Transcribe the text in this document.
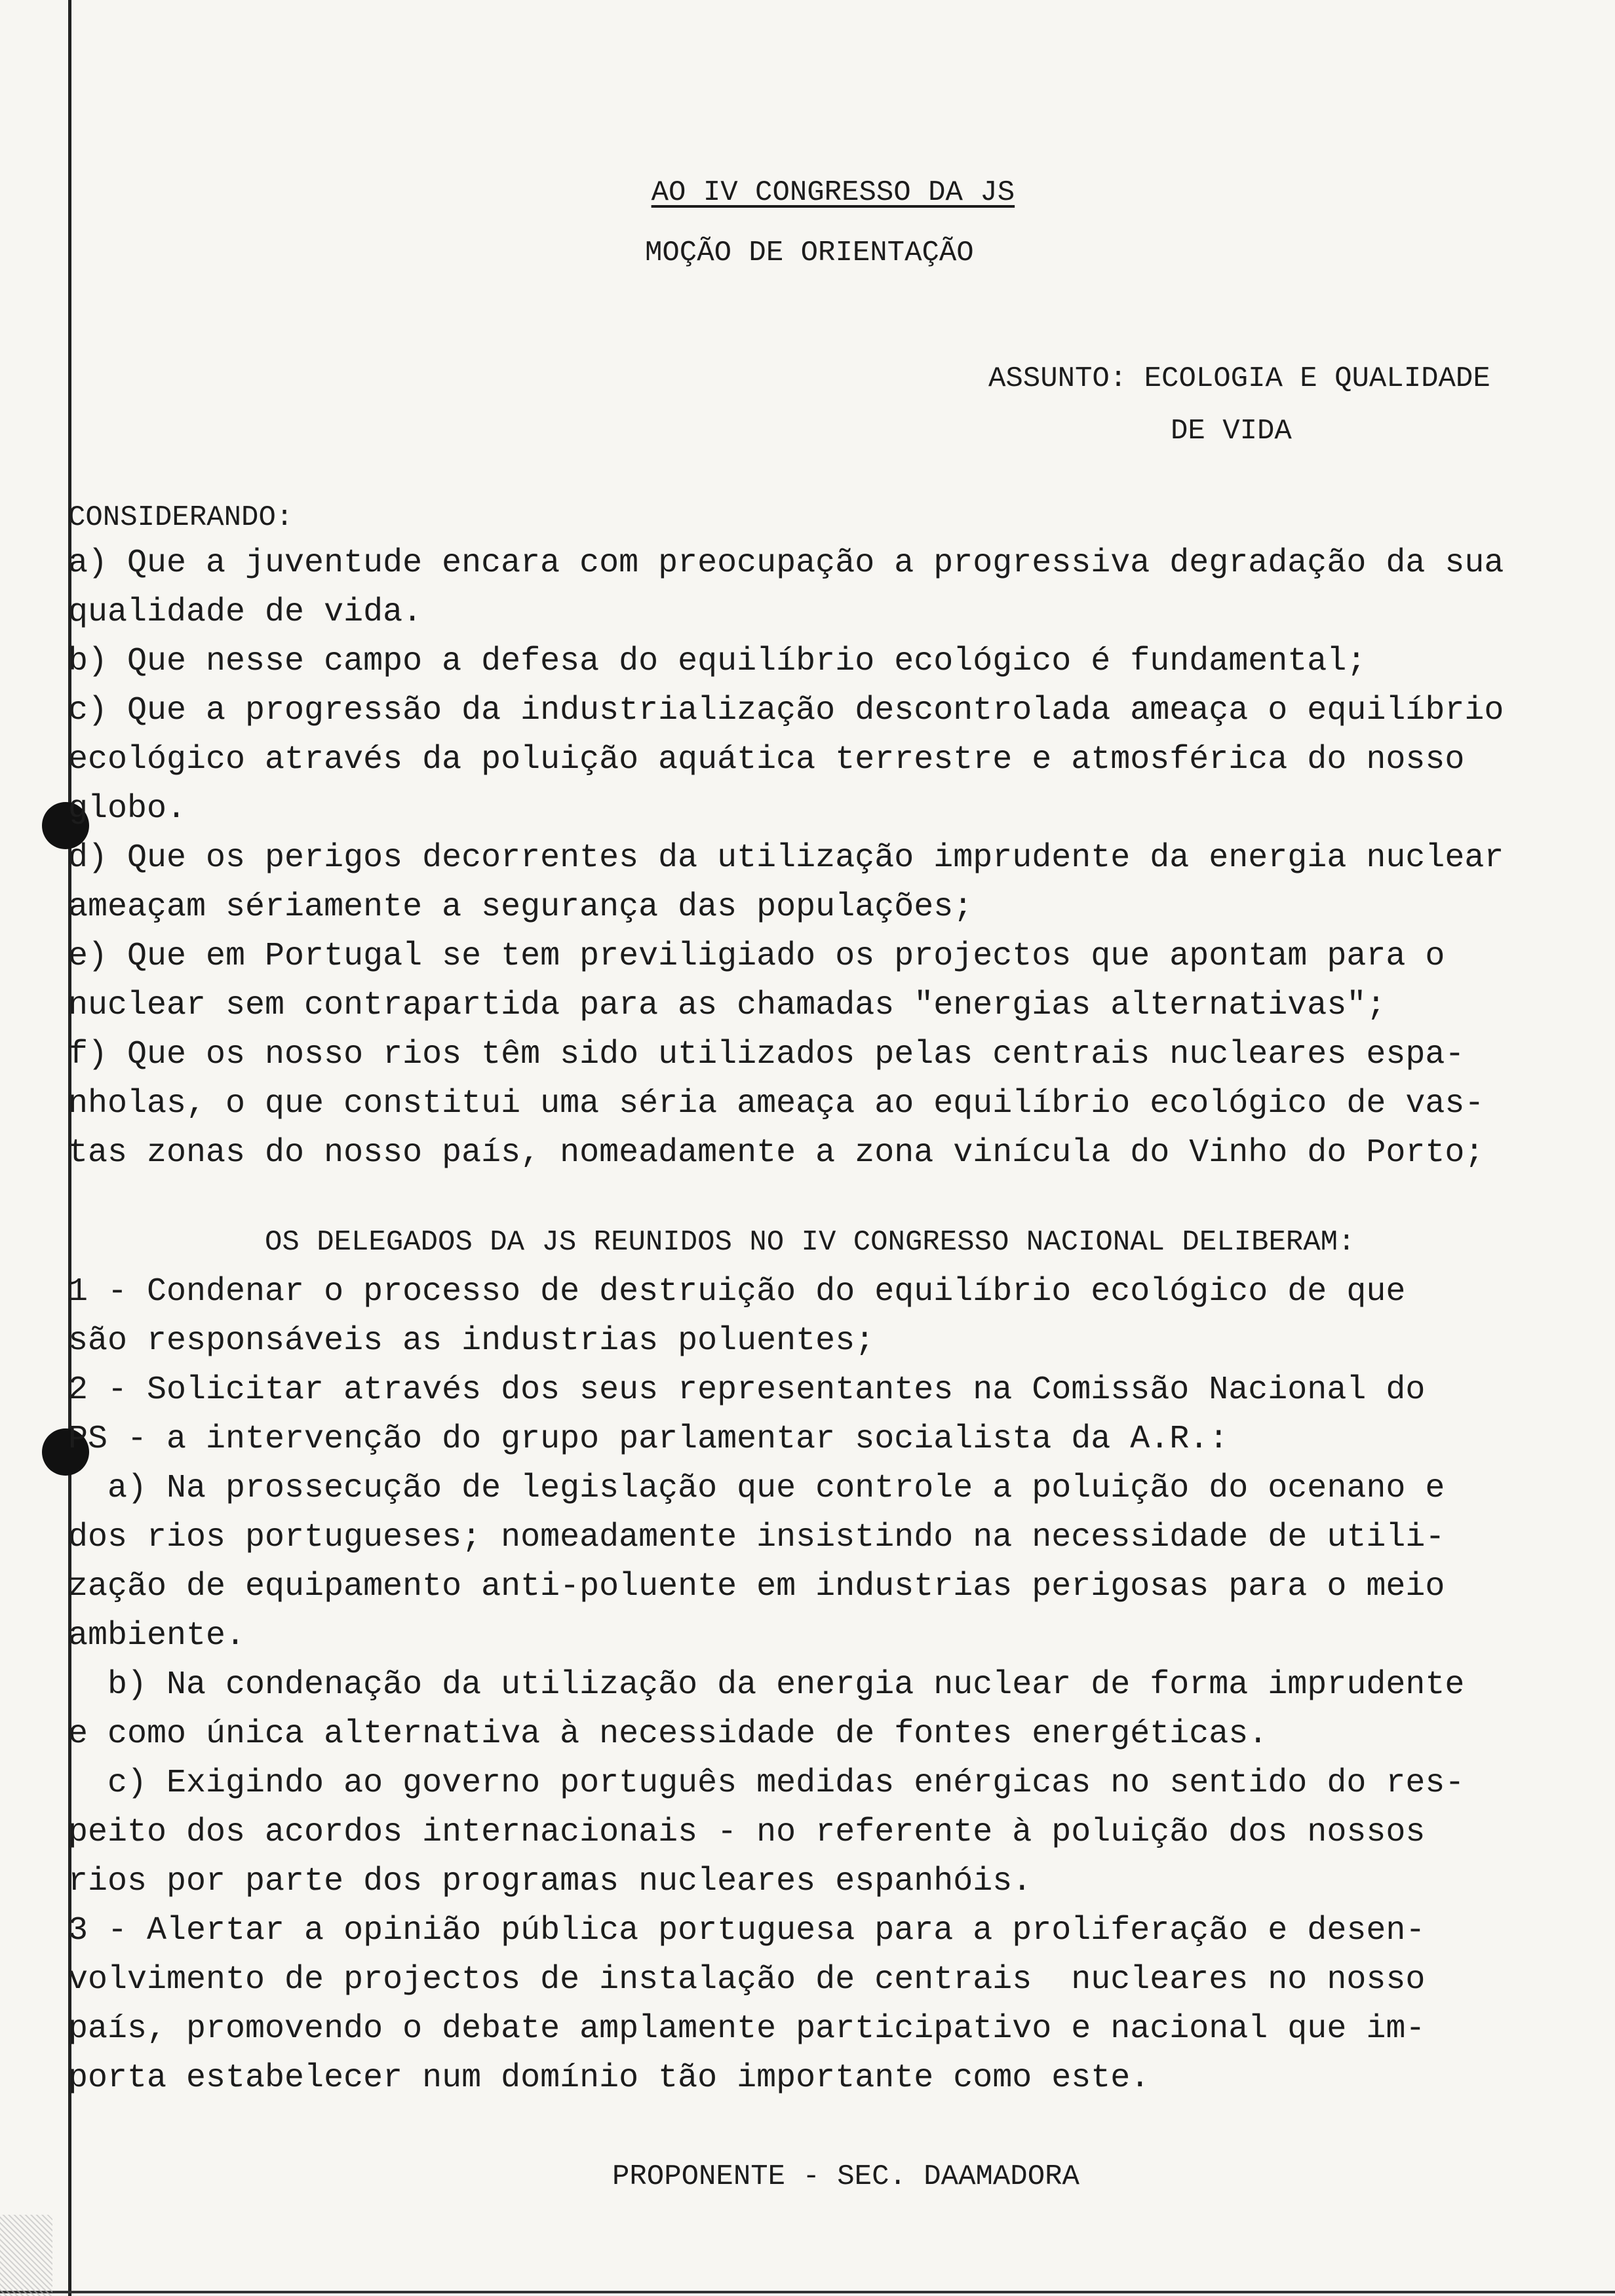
AO IV CONGRESSO DA JS

MOÇÃO DE ORIENTAÇÃO
ASSUNTO: ECOLOGIA E QUALIDADE
DE VIDA
CONSIDERANDO:
a) Que a juventude encara com preocupação a progressiva degradação da sua
qualidade de vida.
b) Que nesse campo a defesa do equilíbrio ecológico é fundamental;
c) Que a progressão da industrialização descontrolada ameaça o equilíbrio
ecológico através da poluição aquática terrestre e atmosférica do nosso
globo.
d) Que os perigos decorrentes da utilização imprudente da energia nuclear
ameaçam sériamente a segurança das populações;
e) Que em Portugal se tem previligiado os projectos que apontam para o
nuclear sem contrapartida para as chamadas "energias alternativas";
f) Que os nosso rios têm sido utilizados pelas centrais nucleares espa-
nholas, o que constitui uma séria ameaça ao equilíbrio ecológico de vas-
tas zonas do nosso país, nomeadamente a zona vinícula do Vinho do Porto;
OS DELEGADOS DA JS REUNIDOS NO IV CONGRESSO NACIONAL DELIBERAM:
1 - Condenar o processo de destruição do equilíbrio ecológico de que
são responsáveis as industrias poluentes;
2 - Solicitar através dos seus representantes na Comissão Nacional do
PS - a intervenção do grupo parlamentar socialista da A.R.:
a) Na prossecução de legislação que controle a poluição do ocenano e
dos rios portugueses; nomeadamente insistindo na necessidade de utili-
zação de equipamento anti-poluente em industrias perigosas para o meio
ambiente.
b) Na condenação da utilização da energia nuclear de forma imprudente
e como única alternativa à necessidade de fontes energéticas.
c) Exigindo ao governo português medidas enérgicas no sentido do res-
peito dos acordos internacionais - no referente à poluição dos nossos
rios por parte dos programas nucleares espanhóis.
3 - Alertar a opinião pública portuguesa para a proliferação e desen-
volvimento de projectos de instalação de centrais  nucleares no nosso
país, promovendo o debate amplamente participativo e nacional que im-
porta estabelecer num domínio tão importante como este.
PROPONENTE - SEC. DAAMADORA
